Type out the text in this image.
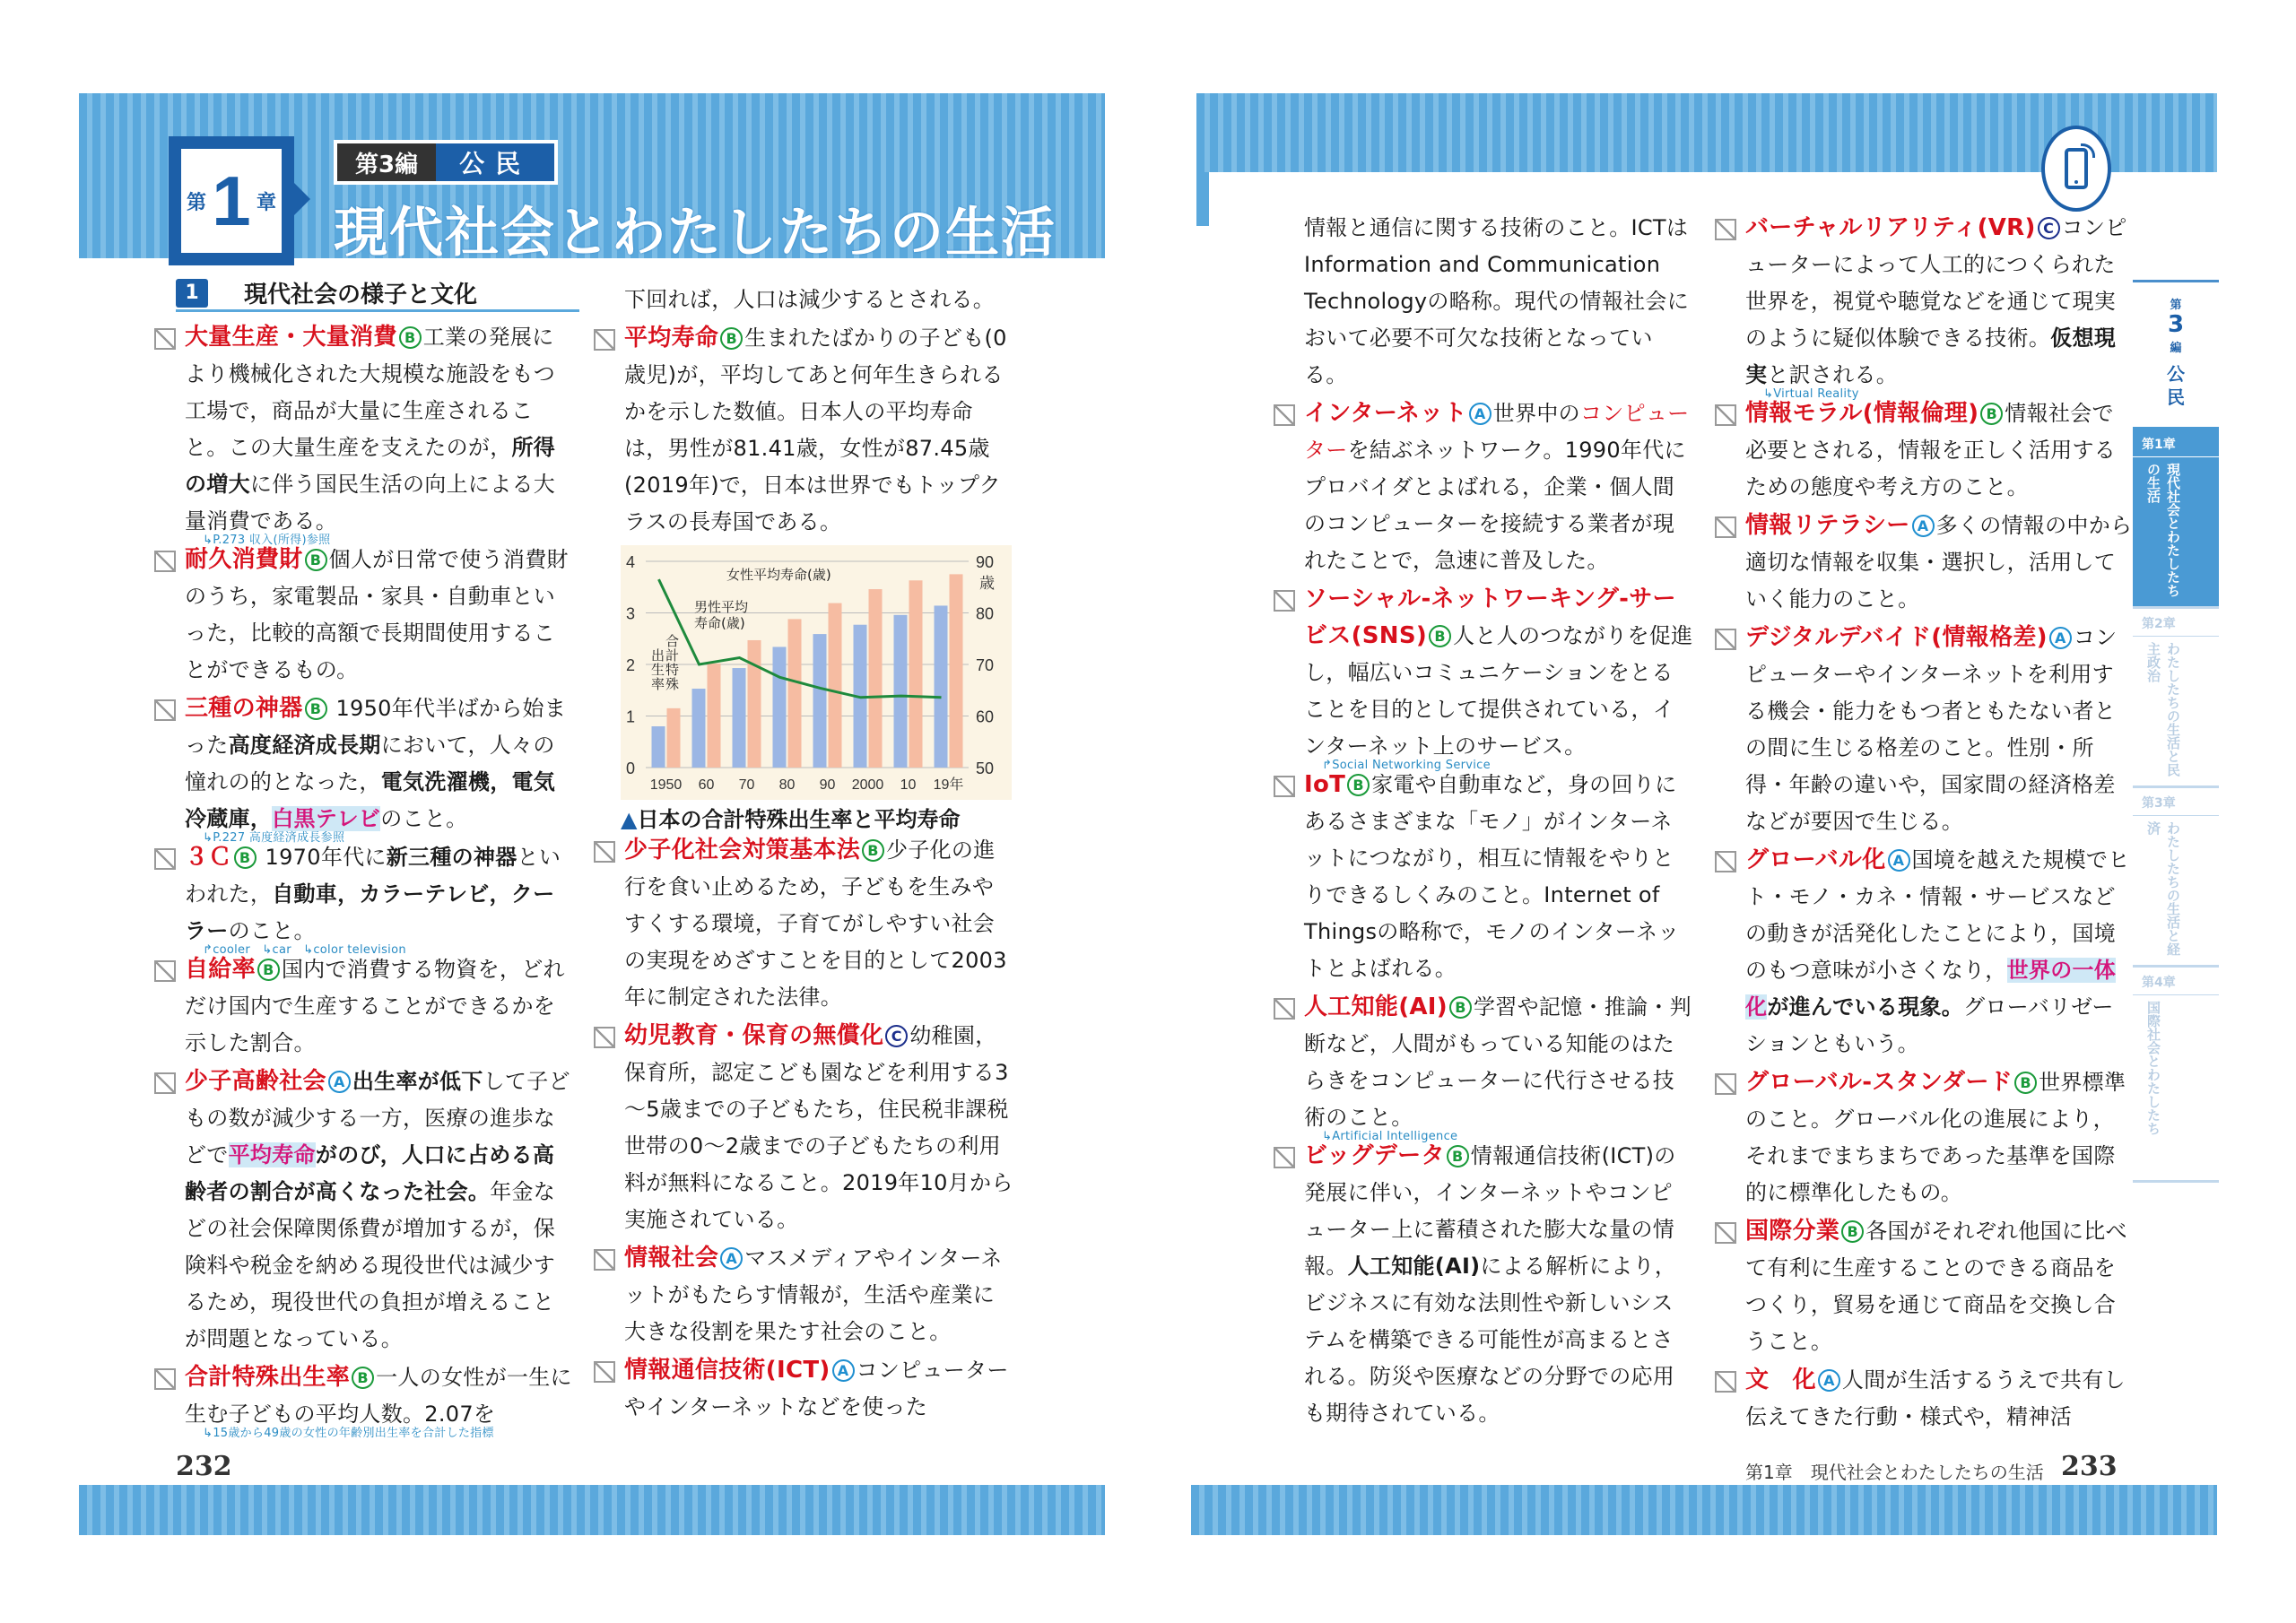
第 1 章
第3編	公民
現代社会とわたしたちの生活
1	現代社会の様子と文化
大量生産・大量消費 B 工業の発展により機械化された大規模な施設をもつ工場で，商品が大量に生産されること。この大量生産を支えたのが，所得の増大に伴う国民生活の向上による大量消費である。
↳P.273 収入(所得)参照
耐久消費財 B 個人が日常で使う消費財のうち，家電製品・家具・自動車といった，比較的高額で長期間使用することができるもの。
三種の神器 B 1950年代半ばから始まった高度経済成長期において，人々の憧れの的となった，電気洗濯機，電気冷蔵庫，白黒テレビのこと。
↳P.227 高度経済成長参照
３Ｃ B 1970年代に新三種の神器といわれた，自動車，カラーテレビ，クーラーのこと。
↱cooler　↳car　↳color television
自給率 B 国内で消費する物資を，どれだけ国内で生産することができるかを示した割合。
少子高齢社会 A 出生率が低下して子どもの数が減少する一方，医療の進歩などで平均寿命がのび，人口に占める高齢者の割合が高くなった社会。年金などの社会保障関係費が増加するが，保険料や税金を納める現役世代は減少するため，現役世代の負担が増えることが問題となっている。
合計特殊出生率 B 一人の女性が一生に生む子どもの平均人数。2.07を
↳15歳から49歳の女性の年齢別出生率を合計した指標
下回れば，人口は減少するとされる。
平均寿命 B 生まれたばかりの子ども(0歳児)が，平均してあと何年生きられるかを示した数値。日本人の平均寿命は，男性が81.41歳，女性が87.45歳(2019年)で，日本は世界でもトップクラスの長寿国である。
0
1
2
3
4
50
60
70
80
90
歳
1950 60 70 80 90 2000 10 19年
女性平均寿命(歳)
男性平均
寿命(歳)
合
計
特
殊
出
生
率
▲日本の合計特殊出生率と平均寿命
少子化社会対策基本法 B 少子化の進行を食い止めるため，子どもを生みやすくする環境，子育てがしやすい社会の実現をめざすことを目的として2003年に制定された法律。
幼児教育・保育の無償化 C 幼稚園，保育所，認定こども園などを利用する3～5歳までの子どもたち，住民税非課税世帯の0～2歳までの子どもたちの利用料が無料になること。2019年10月から実施されている。
情報社会 A マスメディアやインターネットがもたらす情報が，生活や産業に大きな役割を果たす社会のこと。
情報通信技術(ICT) A コンピューターやインターネットなどを使った
232
情報と通信に関する技術のこと。ICTはInformation and Communication Technologyの略称。現代の情報社会において必要不可欠な技術となっている。
インターネット A 世界中のコンピューターを結ぶネットワーク。1990年代にプロバイダとよばれる，企業・個人間のコンピューターを接続する業者が現れたことで，急速に普及した。
ソーシャル-ネットワーキング-サービス(SNS) B 人と人のつながりを促進し，幅広いコミュニケーションをとることを目的として提供されている，インターネット上のサービス。
↱Social Networking Service
IoT B 家電や自動車など，身の回りにあるさまざまな「モノ」がインターネットにつながり，相互に情報をやりとりできるしくみのこと。Internet of Thingsの略称で，モノのインターネットとよばれる。
人工知能(AI) B 学習や記憶・推論・判断など，人間がもっている知能のはたらきをコンピューターに代行させる技術のこと。
↳Artificial Intelligence
ビッグデータ B 情報通信技術(ICT)の発展に伴い，インターネットやコンピューター上に蓄積された膨大な量の情報。人工知能(AI)による解析により，ビジネスに有効な法則性や新しいシステムを構築できる可能性が高まるとされる。防災や医療などの分野での応用も期待されている。
バーチャルリアリティ(VR) C コンピューターによって人工的につくられた世界を，視覚や聴覚などを通じて現実のように疑似体験できる技術。仮想現実と訳される。
↳Virtual Reality
情報モラル(情報倫理) B 情報社会で必要とされる，情報を正しく活用するための態度や考え方のこと。
情報リテラシー A 多くの情報の中から適切な情報を収集・選択し，活用していく能力のこと。
デジタルデバイド(情報格差) A コンピューターやインターネットを利用する機会・能力をもつ者ともたない者との間に生じる格差のこと。性別・所得・年齢の違いや，国家間の経済格差などが要因で生じる。
グローバル化 A 国境を越えた規模でヒト・モノ・カネ・情報・サービスなどの動きが活発化したことにより，国境のもつ意味が小さくなり，世界の一体化が進んでいる現象。グローバリゼーションともいう。
グローバル-スタンダード B 世界標準のこと。グローバル化の進展により，それまでまちまちであった基準を国際的に標準化したもの。
国際分業 B 各国がそれぞれ他国に比べて有利に生産することのできる商品をつくり，貿易を通じて商品を交換し合うこと。
文　化 A 人間が生活するうえで共有し伝えてきた行動・様式や，精神活
第
3
編
公
民
第1章
現代社会とわたしたちの生活
第2章
わたしたちの生活と民主政治
第3章
わたしたちの生活と経済
第4章
国際社会とわたしたち
第1章　現代社会とわたしたちの生活 233
